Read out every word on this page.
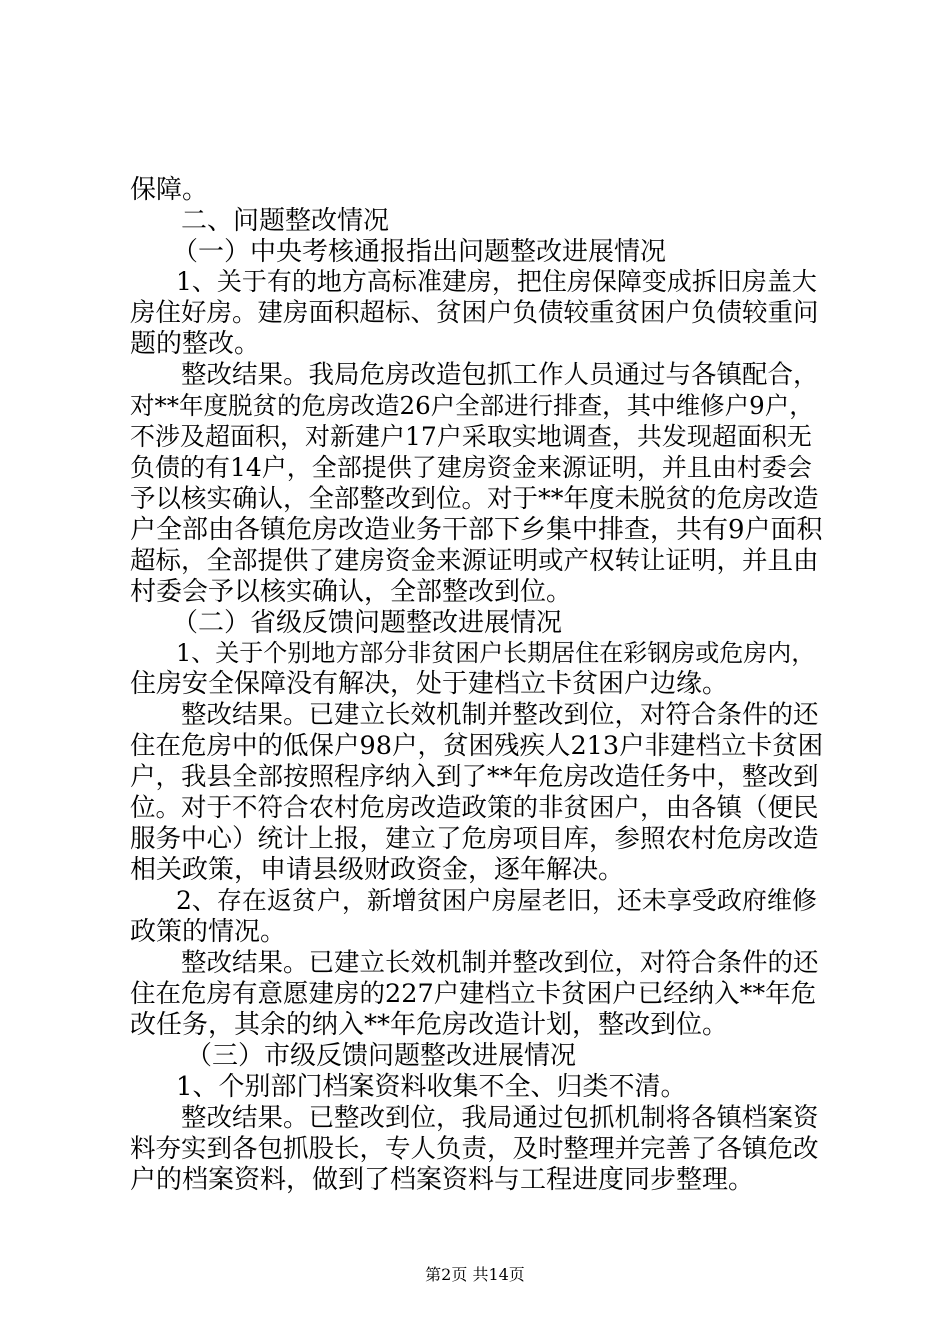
保障。
二、问题整改情况
（一）中央考核通报指出问题整改进展情况
1、关于有的地方高标准建房，把住房保障变成拆旧房盖大
房住好房。建房面积超标、贫困户负债较重贫困户负债较重问
题的整改。
整改结果。我局危房改造包抓工作人员通过与各镇配合，
对**年度脱贫的危房改造26户全部进行排查，其中维修户9户，
不涉及超面积，对新建户17户采取实地调查，共发现超面积无
负债的有14户，全部提供了建房资金来源证明，并且由村委会
予以核实确认，全部整改到位。对于**年度未脱贫的危房改造
户全部由各镇危房改造业务干部下乡集中排查，共有9户面积
超标，全部提供了建房资金来源证明或产权转让证明，并且由
村委会予以核实确认，全部整改到位。
（二）省级反馈问题整改进展情况
1、关于个别地方部分非贫困户长期居住在彩钢房或危房内，
住房安全保障没有解决，处于建档立卡贫困户边缘。
整改结果。已建立长效机制并整改到位，对符合条件的还
住在危房中的低保户98户，贫困残疾人213户非建档立卡贫困
户，我县全部按照程序纳入到了**年危房改造任务中，整改到
位。对于不符合农村危房改造政策的非贫困户，由各镇（便民
服务中心）统计上报，建立了危房项目库，参照农村危房改造
相关政策，申请县级财政资金，逐年解决。
2、存在返贫户，新增贫困户房屋老旧，还未享受政府维修
政策的情况。
整改结果。已建立长效机制并整改到位，对符合条件的还
住在危房有意愿建房的227户建档立卡贫困户已经纳入**年危
改任务，其余的纳入**年危房改造计划，整改到位。
（三）市级反馈问题整改进展情况
1、个别部门档案资料收集不全、归类不清。
整改结果。已整改到位，我局通过包抓机制将各镇档案资
料夯实到各包抓股长，专人负责，及时整理并完善了各镇危改
户的档案资料，做到了档案资料与工程进度同步整理。
第2页 共14页
